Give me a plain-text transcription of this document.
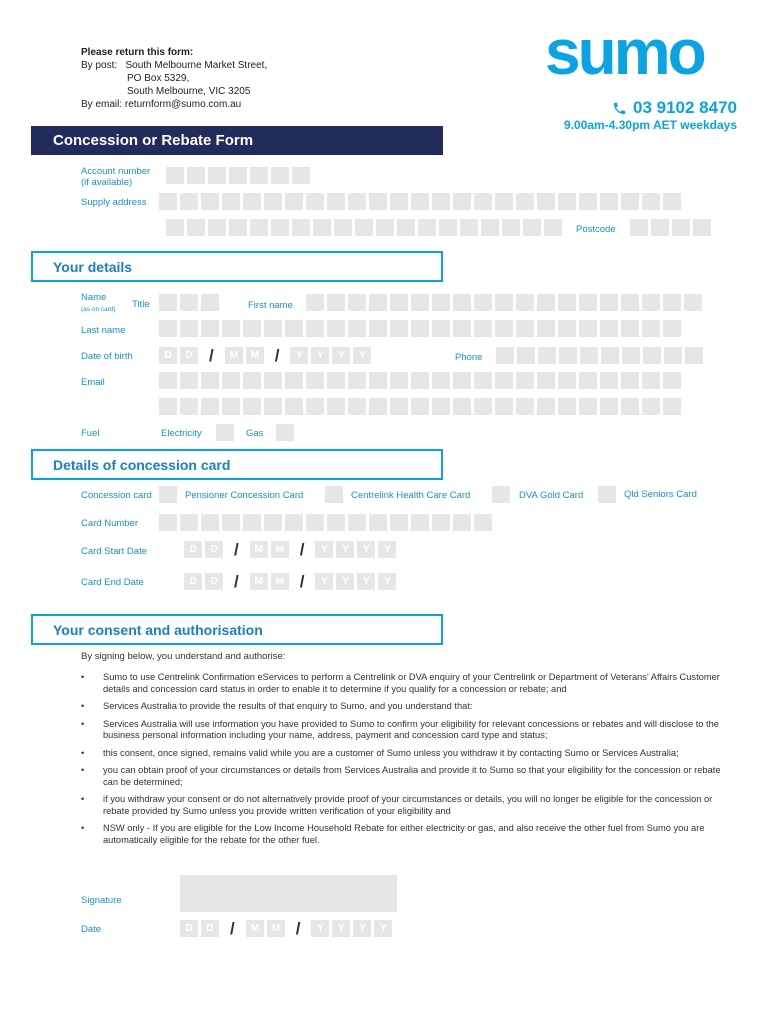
Please return this form:
By post: South Melbourne Market Street,
PO Box 5329,
South Melbourne, VIC 3205
By email: returnform@sumo.com.au
sumo
03 9102 8470
9.00am-4.30pm AET weekdays
Concession or Rebate Form
Account number
(if available)
Supply address
Postcode
Your details
Name
(as on card) Title	First name
Last name
Date of birth	D	D /	M	M /	Y	Y	Y	Y	Phone
Email
Fuel	Electricity	Gas
Details of concession card
Concession card	Pensioner Concession Card	Centrelink Health Care Card	DVA Gold Card	Qld Seniors Card
Card Number
Card Start Date	D	D /	M	M /	Y	Y	Y	Y
Card End Date	D	D /	M	M /	Y	Y	Y	Y
Your consent and authorisation
By signing below, you understand and authorise:
• Sumo to use Centrelink Confirmation eServices to perform a Centrelink or DVA enquiry of your Centrelink or Department of Veterans' Affairs Customer details and concession card status in order to enable it to determine if you qualify for a concession or rebate; and
• Services Australia to provide the results of that enquiry to Sumo, and you understand that:
• Services Australia will use information you have provided to Sumo to confirm your eligibility for relevant concessions or rebates and will disclose to the business personal information including your name, address, payment and concession card type and status;
• this consent, once signed, remains valid while you are a customer of Sumo unless you withdraw it by contacting Sumo or Services Australia;
• you can obtain proof of your circumstances or details from Services Australia and provide it to Sumo so that your eligibility for the concession or rebate can be determined;
• if you withdraw your consent or do not alternatively provide proof of your circumstances or details, you will no longer be eligible for the concession or rebate provided by Sumo unless you provide written verification of your eligibility and
• NSW only - If you are eligible for the Low Income Household Rebate for either electricity or gas, and also receive the other fuel from Sumo you are automatically eligible for the rebate for the other fuel.
Signature
Date	D	D /	M	M /	Y	Y	Y	Y
